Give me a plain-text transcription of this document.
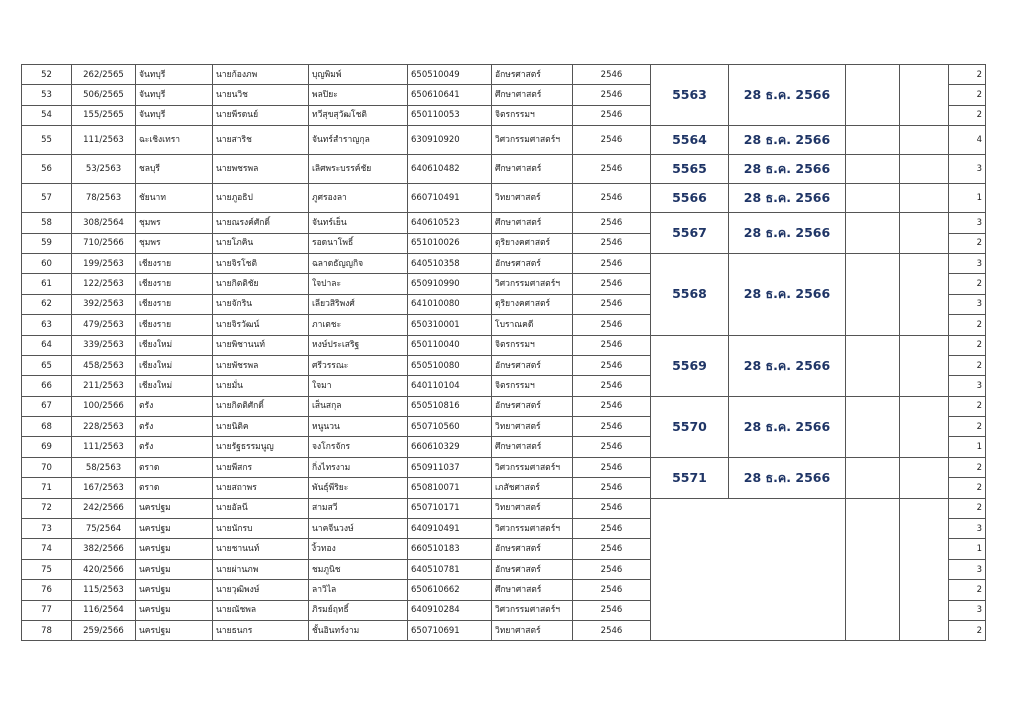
52	262/2565	จันทบุรี	นายก้องภพ	บุญพิมพ์	650510049	อักษรศาสตร์	2546	5563	28 ธ.ค. 2566			2
53	506/2565	จันทบุรี	นายนวิช	พลปิยะ	650610641	ศึกษาศาสตร์	2546					2
54	155/2565	จันทบุรี	นายพีรดนย์	ทวีสุขสุวัฒโชติ	650110053	จิตรกรรมฯ	2546					2
55	111/2563	ฉะเชิงเทรา	นายสาริช	จันทร์สำราญกุล	630910920	วิศวกรรมศาสตร์ฯ	2546	5564	28 ธ.ค. 2566			4
56	53/2563	ชลบุรี	นายพชรพล	เลิศพระบรรค์ชัย	640610482	ศึกษาศาสตร์	2546	5565	28 ธ.ค. 2566			3
57	78/2563	ชัยนาท	นายภูอธิป	ภูศรองลา	660710491	วิทยาศาสตร์	2546	5566	28 ธ.ค. 2566			1
58	308/2564	ชุมพร	นายณรงค์ศักดิ์	จันทร์เย็น	640610523	ศึกษาศาสตร์	2546	5567	28 ธ.ค. 2566			3
59	710/2566	ชุมพร	นายโภคิน	รอดนาโพธิ์	651010026	ดุริยางคศาสตร์	2546					2
60	199/2563	เชียงราย	นายจิรโชติ	ฉลาดธัญญกิจ	640510358	อักษรศาสตร์	2546	5568	28 ธ.ค. 2566			3
61	122/2563	เชียงราย	นายกิตติชัย	ใจปาละ	650910990	วิศวกรรมศาสตร์ฯ	2546					2
62	392/2563	เชียงราย	นายจักริน	เลียวสิริพงศ์	641010080	ดุริยางคศาสตร์	2546					3
63	479/2563	เชียงราย	นายจิรวัฒน์	ภาเตชะ	650310001	โบราณคดี	2546					2
64	339/2563	เชียงใหม่	นายพิชานนท์	หงษ์ประเสริฐ	650110040	จิตรกรรมฯ	2546	5569	28 ธ.ค. 2566			2
65	458/2563	เชียงใหม่	นายพัชรพล	ศรีวรรณะ	650510080	อักษรศาสตร์	2546					2
66	211/2563	เชียงใหม่	นายมั่น	ใจมา	640110104	จิตรกรรมฯ	2546					3
67	100/2566	ตรัง	นายกิตติศักดิ์	เส็นสกุล	650510816	อักษรศาสตร์	2546	5570	28 ธ.ค. 2566			2
68	228/2563	ตรัง	นายนิติค	หนูนวน	650710560	วิทยาศาสตร์	2546					2
69	111/2563	ตรัง	นายรัฐธรรมนูญ	จงโกรจักร	660610329	ศึกษาศาสตร์	2546					1
70	58/2563	ตราด	นายพีสกร	กิ่งไทรงาม	650911037	วิศวกรรมศาสตร์ฯ	2546	5571	28 ธ.ค. 2566			2
71	167/2563	ตราด	นายสถาพร	พันธุ์พีริยะ	650810071	เภสัชศาสตร์	2546					2
72	242/2566	นครปฐม	นายอัลนี	สามสวี	650710171	วิทยาศาสตร์	2546					2
73	75/2564	นครปฐม	นายนักรบ	นาคจีนวงษ์	640910491	วิศวกรรมศาสตร์ฯ	2546					3
74	382/2566	นครปฐม	นายชานนท์	งิ้วทอง	660510183	อักษรศาสตร์	2546					1
75	420/2566	นครปฐม	นายผ่านภพ	ชมภูนิช	640510781	อักษรศาสตร์	2546					3
76	115/2563	นครปฐม	นายวุฒิพงษ์	ลาวิไล	650610662	ศึกษาศาสตร์	2546					2
77	116/2564	นครปฐม	นายณัชพล	ภิรมย์ฤทธิ์	640910284	วิศวกรรมศาสตร์ฯ	2546					3
78	259/2566	นครปฐม	นายธนกร	ชั้นอินทร์งาม	650710691	วิทยาศาสตร์	2546					2
